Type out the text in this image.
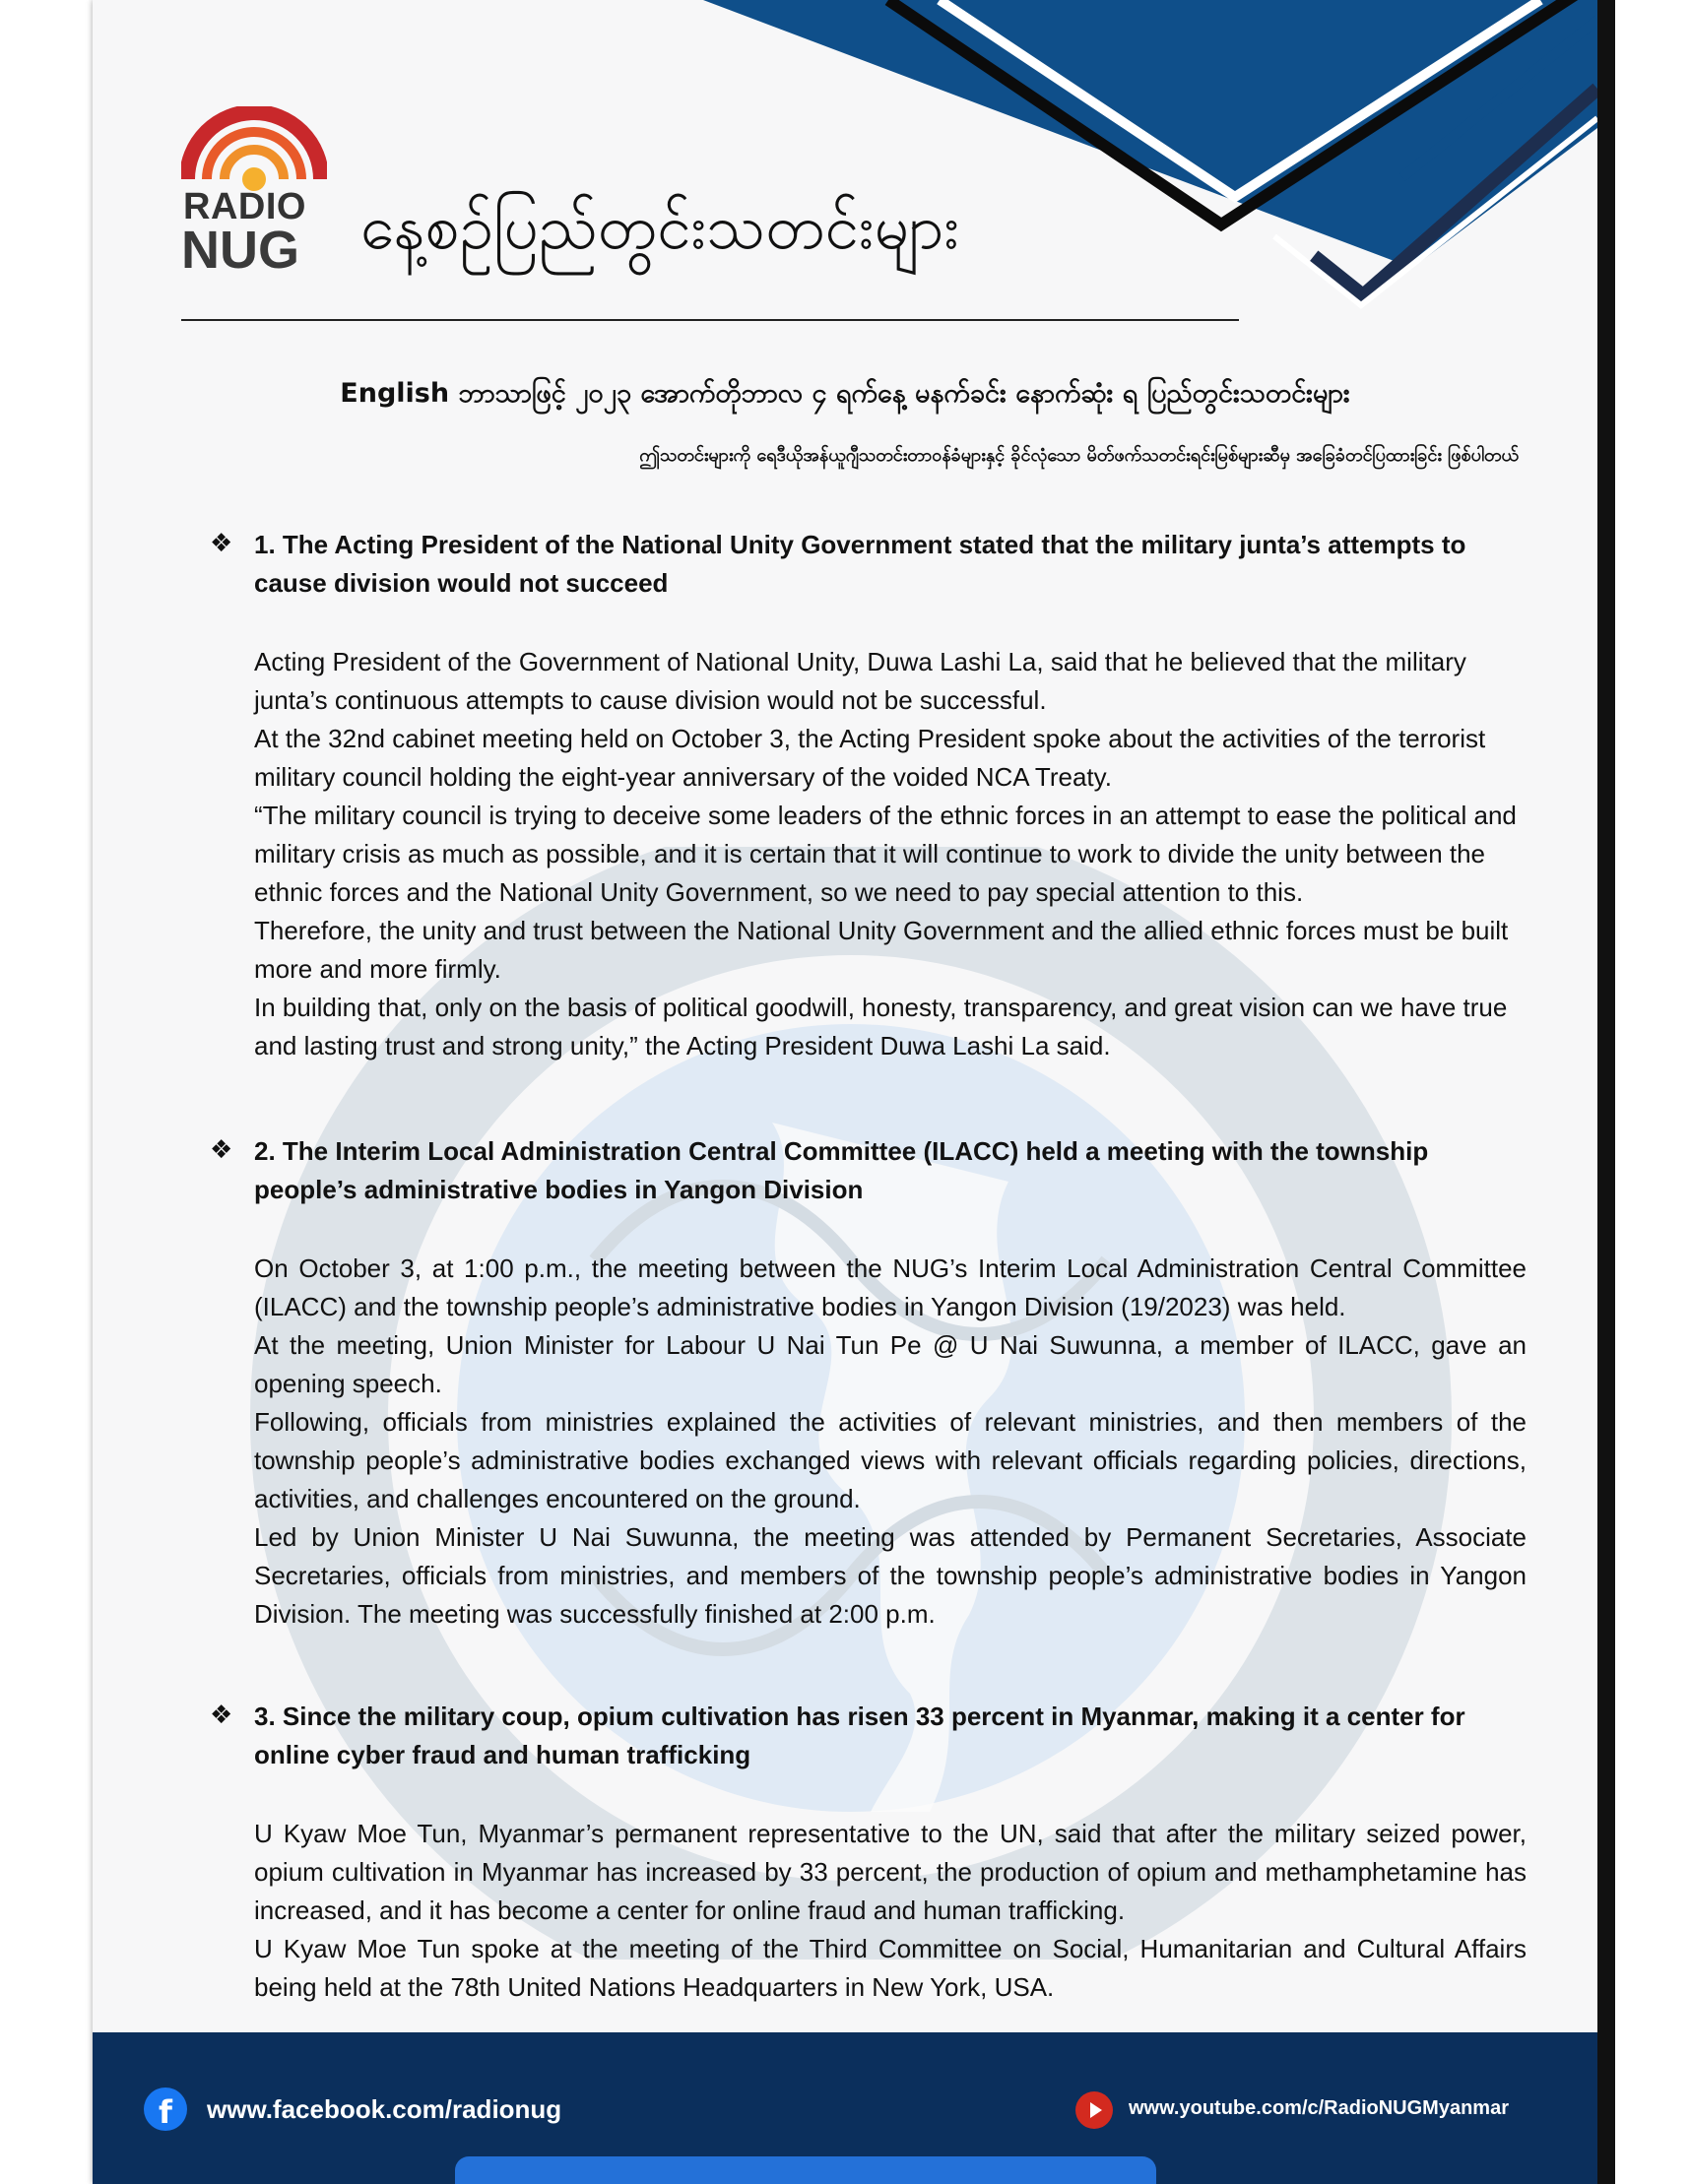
RADIO
NUG နေ့စဉ်ပြည်တွင်းသတင်းများ
English ဘာသာဖြင့် ၂၀၂၃ အောက်တိုဘာလ ၄ ရက်နေ့ မနက်ခင်း နောက်ဆုံး ရ ပြည်တွင်းသတင်းများ
ဤသတင်းများကို ရေဒီယိုအန်ယူဂျီသတင်းတာဝန်ခံများနှင့် ခိုင်လုံသော မိတ်ဖက်သတင်းရင်းမြစ်များဆီမှ အခြေခံတင်ပြထားခြင်း ဖြစ်ပါတယ်
❖ 1. The Acting President of the National Unity Government stated that the military junta’s attempts to cause division would not succeed

Acting President of the Government of National Unity, Duwa Lashi La, said that he believed that the military junta’s continuous attempts to cause division would not be successful.

At the 32nd cabinet meeting held on October 3, the Acting President spoke about the activities of the terrorist military council holding the eight-year anniversary of the voided NCA Treaty.

“The military council is trying to deceive some leaders of the ethnic forces in an attempt to ease the political and military crisis as much as possible, and it is certain that it will continue to work to divide the unity between the ethnic forces and the National Unity Government, so we need to pay special attention to this.

Therefore, the unity and trust between the National Unity Government and the allied ethnic forces must be built more and more firmly.

In building that, only on the basis of political goodwill, honesty, transparency, and great vision can we have true and lasting trust and strong unity,” the Acting President Duwa Lashi La said.

❖ 2. The Interim Local Administration Central Committee (ILACC) held a meeting with the township people’s administrative bodies in Yangon Division

On October 3, at 1:00 p.m., the meeting between the NUG’s Interim Local Administration Central Committee (ILACC) and the township people’s administrative bodies in Yangon Division (19/2023) was held.

At the meeting, Union Minister for Labour U Nai Tun Pe @ U Nai Suwunna, a member of ILACC, gave an opening speech.

Following, officials from ministries explained the activities of relevant ministries, and then members of the township people’s administrative bodies exchanged views with relevant officials regarding policies, directions, activities, and challenges encountered on the ground.

Led by Union Minister U Nai Suwunna, the meeting was attended by Permanent Secretaries, Associate Secretaries, officials from ministries, and members of the township people’s administrative bodies in Yangon Division. The meeting was successfully finished at 2:00 p.m.

❖ 3. Since the military coup, opium cultivation has risen 33 percent in Myanmar, making it a center for online cyber fraud and human trafficking

U Kyaw Moe Tun, Myanmar’s permanent representative to the UN, said that after the military seized power, opium cultivation in Myanmar has increased by 33 percent, the production of opium and methamphetamine has increased, and it has become a center for online fraud and human trafficking.

U Kyaw Moe Tun spoke at the meeting of the Third Committee on Social, Humanitarian and Cultural Affairs being held at the 78th United Nations Headquarters in New York, USA.

f	www.facebook.com/radionug	www.youtube.com/c/RadioNUGMyanmar
